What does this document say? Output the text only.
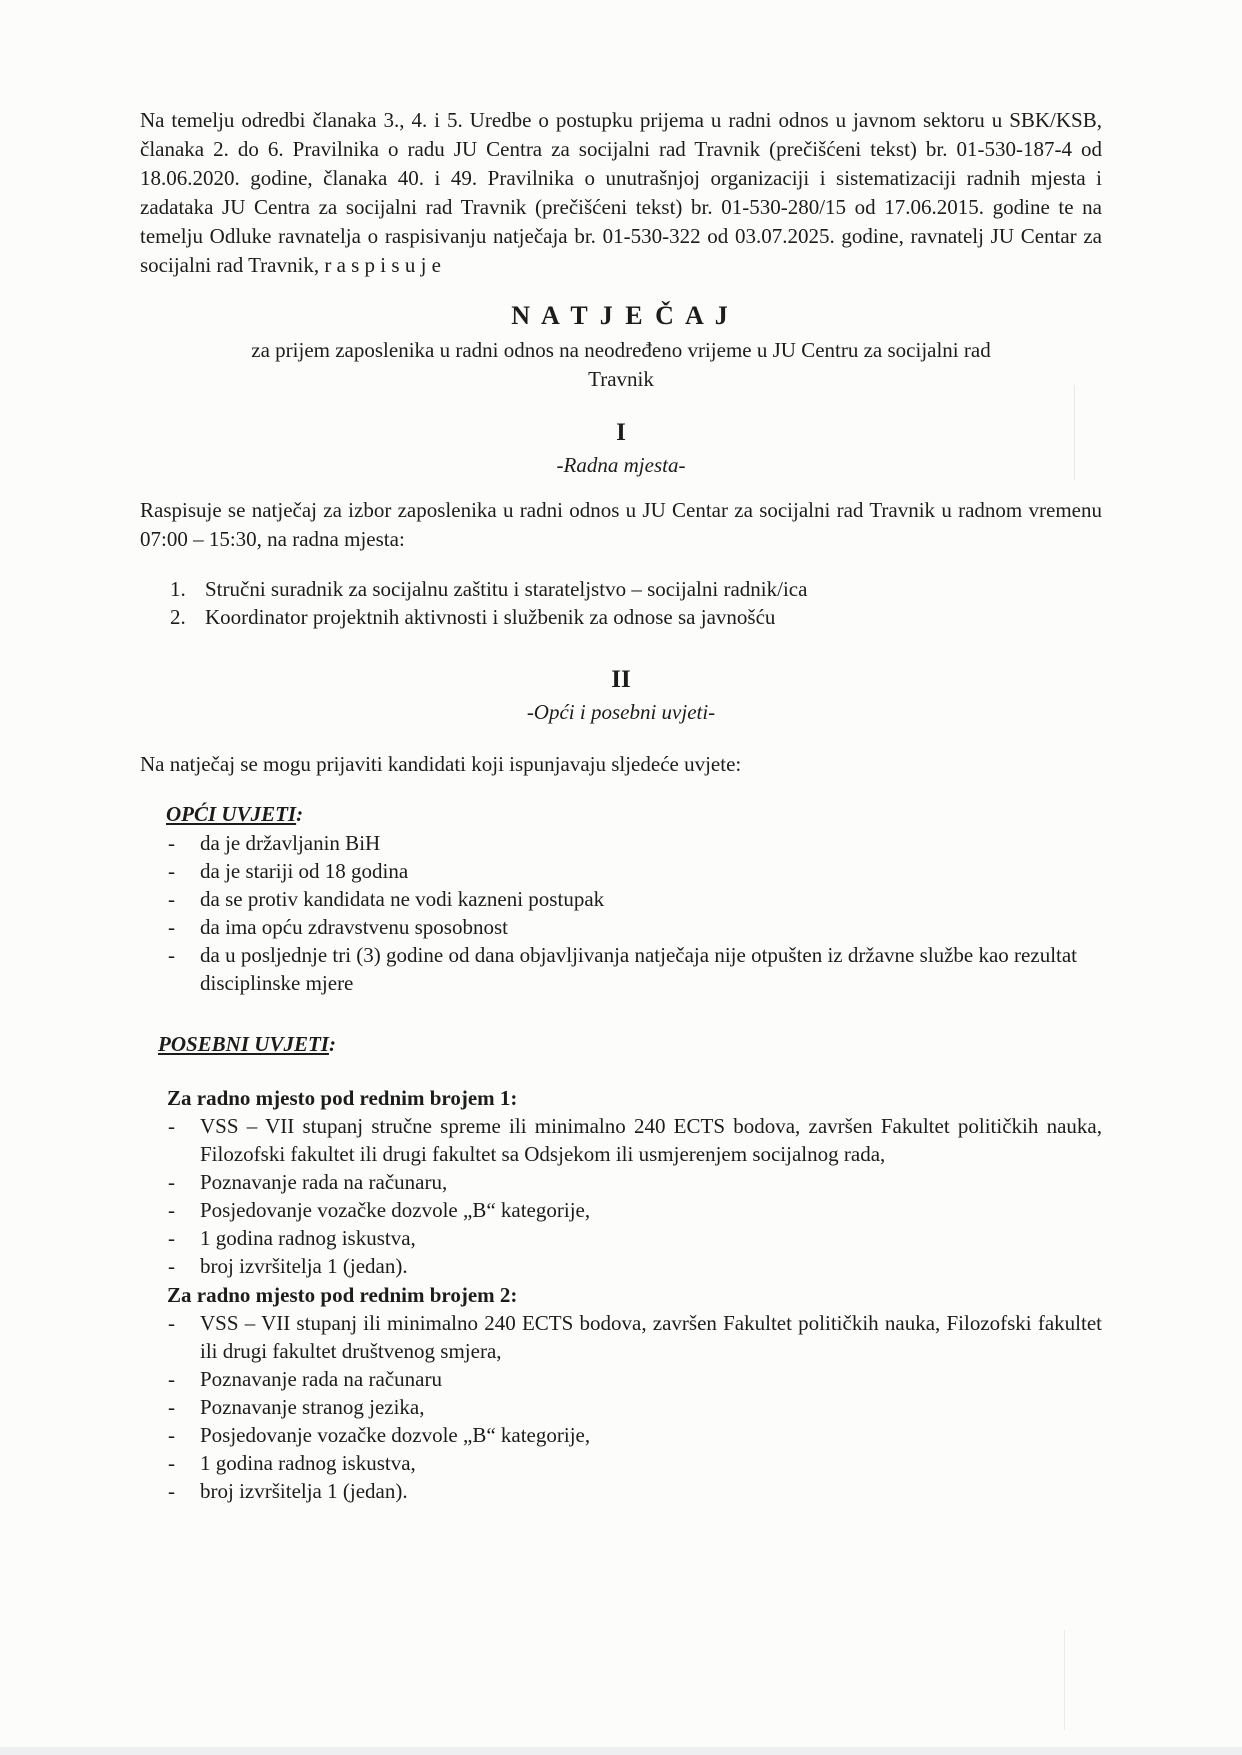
Na temelju odredbi članaka 3., 4. i 5. Uredbe o postupku prijema u radni odnos u javnom sektoru u SBK/KSB, članaka 2. do 6. Pravilnika o radu JU Centra za socijalni rad Travnik (prečišćeni tekst) br. 01-530-187-4 od 18.06.2020. godine, članaka 40. i 49. Pravilnika o unutrašnjoj organizaciji i sistematizaciji radnih mjesta i zadataka JU Centra za socijalni rad Travnik (prečišćeni tekst) br. 01-530-280/15 od 17.06.2015. godine te na temelju Odluke ravnatelja o raspisivanju natječaja br. 01-530-322 od 03.07.2025. godine, ravnatelj JU Centar za socijalni rad Travnik, r a s p i s u j e

N A T J E Č A J
za prijem zaposlenika u radni odnos na neodređeno vrijeme u JU Centru za socijalni rad
Travnik
I
-Radna mjesta-

Raspisuje se natječaj za izbor zaposlenika u radni odnos u JU Centar za socijalni rad Travnik u radnom vremenu 07:00 – 15:30, na radna mjesta:

1. Stručni suradnik za socijalnu zaštitu i starateljstvo – socijalni radnik/ica
2. Koordinator projektnih aktivnosti i službenik za odnose sa javnošću
II
-Opći i posebni uvjeti-

Na natječaj se mogu prijaviti kandidati koji ispunjavaju sljedeće uvjete:

OPĆI UVJETI:
-	da je državljanin BiH
-	da je stariji od 18 godina
-	da se protiv kandidata ne vodi kazneni postupak
-	da ima opću zdravstvenu sposobnost
-	da u posljednje tri (3) godine od dana objavljivanja natječaja nije otpušten iz državne službe kao rezultat disciplinske mjere
POSEBNI UVJETI:
Za radno mjesto pod rednim brojem 1:
-	VSS – VII stupanj stručne spreme ili minimalno 240 ECTS bodova, završen Fakultet političkih nauka, Filozofski fakultet ili drugi fakultet sa Odsjekom ili usmjerenjem socijalnog rada,
-	Poznavanje rada na računaru,
-	Posjedovanje vozačke dozvole „B“ kategorije,
-	1 godina radnog iskustva,
-	broj izvršitelja 1 (jedan).
Za radno mjesto pod rednim brojem 2:
-	VSS – VII stupanj ili minimalno 240 ECTS bodova, završen Fakultet političkih nauka, Filozofski fakultet ili drugi fakultet društvenog smjera,
-	Poznavanje rada na računaru
-	Poznavanje stranog jezika,
-	Posjedovanje vozačke dozvole „B“ kategorije,
-	1 godina radnog iskustva,
-	broj izvršitelja 1 (jedan).
